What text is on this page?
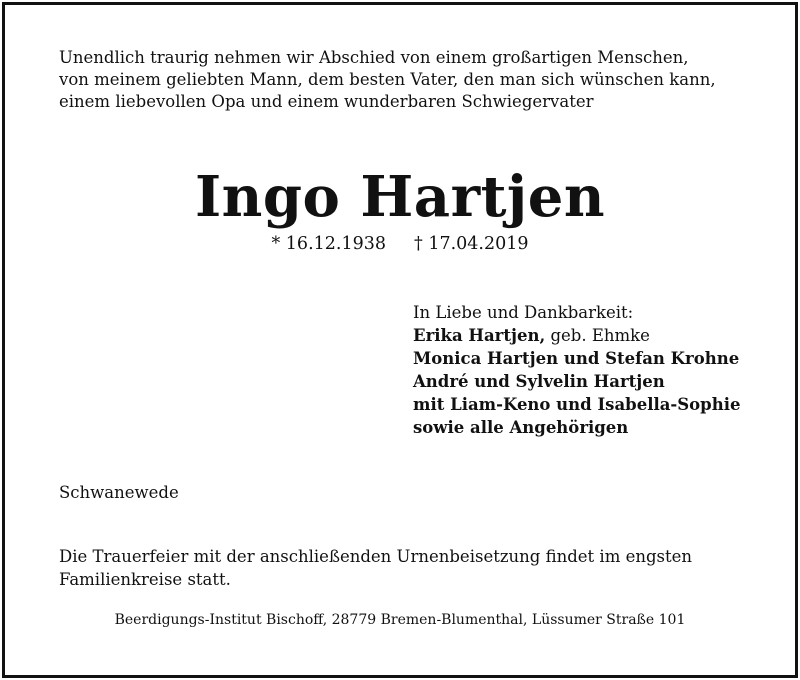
Unendlich traurig nehmen wir Abschied von einem großartigen Menschen,
von meinem geliebten Mann, dem besten Vater, den man sich wünschen kann,
einem liebevollen Opa und einem wunderbaren Schwiegervater
Ingo Hartjen
* 16.12.1938 † 17.04.2019
In Liebe und Dankbarkeit:
Erika Hartjen, geb. Ehmke
Monica Hartjen und Stefan Krohne
André und Sylvelin Hartjen
mit Liam-Keno und Isabella-Sophie
sowie alle Angehörigen
Schwanewede
Die Trauerfeier mit der anschließenden Urnenbeisetzung findet im engsten
Familienkreise statt.
Beerdigungs-Institut Bischoff, 28779 Bremen-Blumenthal, Lüssumer Straße 101
